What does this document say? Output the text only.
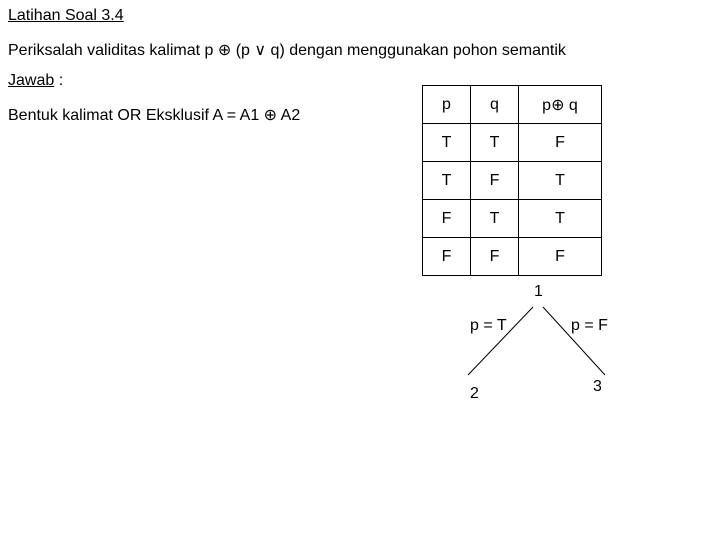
Latihan Soal 3.4
Periksalah validitas kalimat p ⊕ (p ∨ q) dengan menggunakan pohon semantik
Jawab :
Bentuk kalimat OR Eksklusif A = A1 ⊕ A2
p	q	p⊕ q
T	T	F
T	F	T
F	T	T
F	F	F
1
p = T	p = F
2	3
